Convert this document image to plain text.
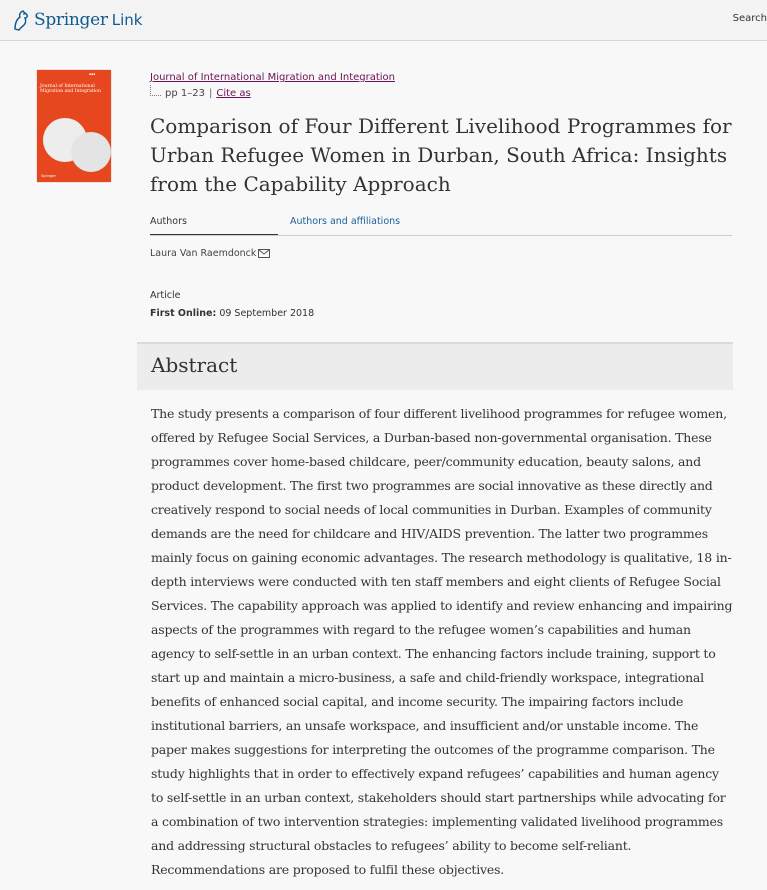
Springer Link	Search
▪▪▪
Journal of International Migration and Integration
Springer
Journal of International Migration and Integration
pp 1–23 | Cite as
Comparison of Four Different Livelihood Programmes for Urban Refugee Women in Durban, South Africa: Insights from the Capability Approach
Authors	Authors and affiliations
Laura Van Raemdonck
Article
First Online: 09 September 2018
Abstract

The study presents a comparison of four different livelihood programmes for refugee women, offered by Refugee Social Services, a Durban-based non-governmental organisation. These programmes cover home-based childcare, peer/community education, beauty salons, and product development. The first two programmes are social innovative as these directly and creatively respond to social needs of local communities in Durban. Examples of community demands are the need for childcare and HIV/AIDS prevention. The latter two programmes mainly focus on gaining economic advantages. The research methodology is qualitative, 18 in-depth interviews were conducted with ten staff members and eight clients of Refugee Social Services. The capability approach was applied to identify and review enhancing and impairing aspects of the programmes with regard to the refugee women’s capabilities and human agency to self-settle in an urban context. The enhancing factors include training, support to start up and maintain a micro-business, a safe and child-friendly workspace, integrational benefits of enhanced social capital, and income security. The impairing factors include institutional barriers, an unsafe workspace, and insufficient and/or unstable income. The paper makes suggestions for interpreting the outcomes of the programme comparison. The study highlights that in order to effectively expand refugees’ capabilities and human agency to self-settle in an urban context, stakeholders should start partnerships while advocating for a combination of two intervention strategies: implementing validated livelihood programmes and addressing structural obstacles to refugees’ ability to become self-reliant. Recommendations are proposed to fulfil these objectives.
